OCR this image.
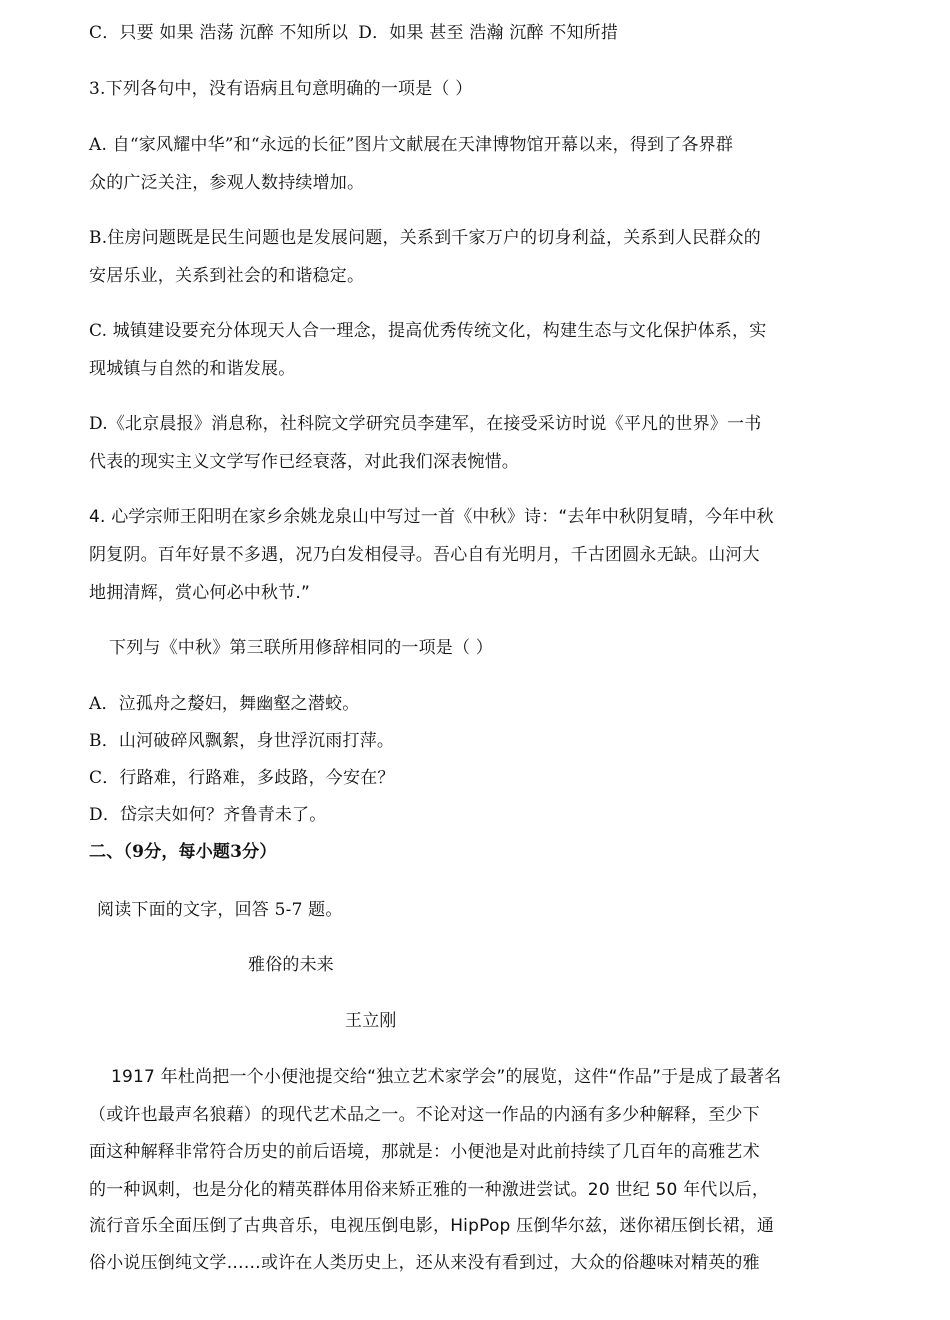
C．只要 如果 浩荡 沉醉 不知所以 D．如果 甚至 浩瀚 沉醉 不知所措
3.下列各句中，没有语病且句意明确的一项是（ ）
A. 自“家风耀中华”和“永远的长征”图片文献展在天津博物馆开幕以来，得到了各界群
众的广泛关注，参观人数持续增加。
B.住房问题既是民生问题也是发展问题，关系到千家万户的切身利益，关系到人民群众的
安居乐业，关系到社会的和谐稳定。
C. 城镇建设要充分体现天人合一理念，提高优秀传统文化，构建生态与文化保护体系，实
现城镇与自然的和谐发展。
D.《北京晨报》消息称，社科院文学研究员李建军，在接受采访时说《平凡的世界》一书
代表的现实主义文学写作已经衰落，对此我们深表惋惜。
4. 心学宗师王阳明在家乡余姚龙泉山中写过一首《中秋》诗：“去年中秋阴复晴，今年中秋
阴复阴。百年好景不多遇，况乃白发相侵寻。吾心自有光明月，千古团圆永无缺。山河大
地拥清辉，赏心何必中秋节.”
下列与《中秋》第三联所用修辞相同的一项是（ ）
A．泣孤舟之嫠妇，舞幽壑之潜蛟。
B．山河破碎风飘絮，身世浮沉雨打萍。
C．行路难，行路难，多歧路，今安在？
D．岱宗夫如何？齐鲁青未了。
二、（9分，每小题3分）
阅读下面的文字，回答 5-7 题。
雅俗的未来
王立刚
1917 年杜尚把一个小便池提交给“独立艺术家学会”的展览，这件“作品”于是成了最著名
（或许也最声名狼藉）的现代艺术品之一。不论对这一作品的内涵有多少种解释，至少下
面这种解释非常符合历史的前后语境，那就是：小便池是对此前持续了几百年的高雅艺术
的一种讽刺，也是分化的精英群体用俗来矫正雅的一种激进尝试。20 世纪 50 年代以后，
流行音乐全面压倒了古典音乐，电视压倒电影，HipPop 压倒华尔兹，迷你裙压倒长裙，通
俗小说压倒纯文学……或许在人类历史上，还从来没有看到过，大众的俗趣味对精英的雅
